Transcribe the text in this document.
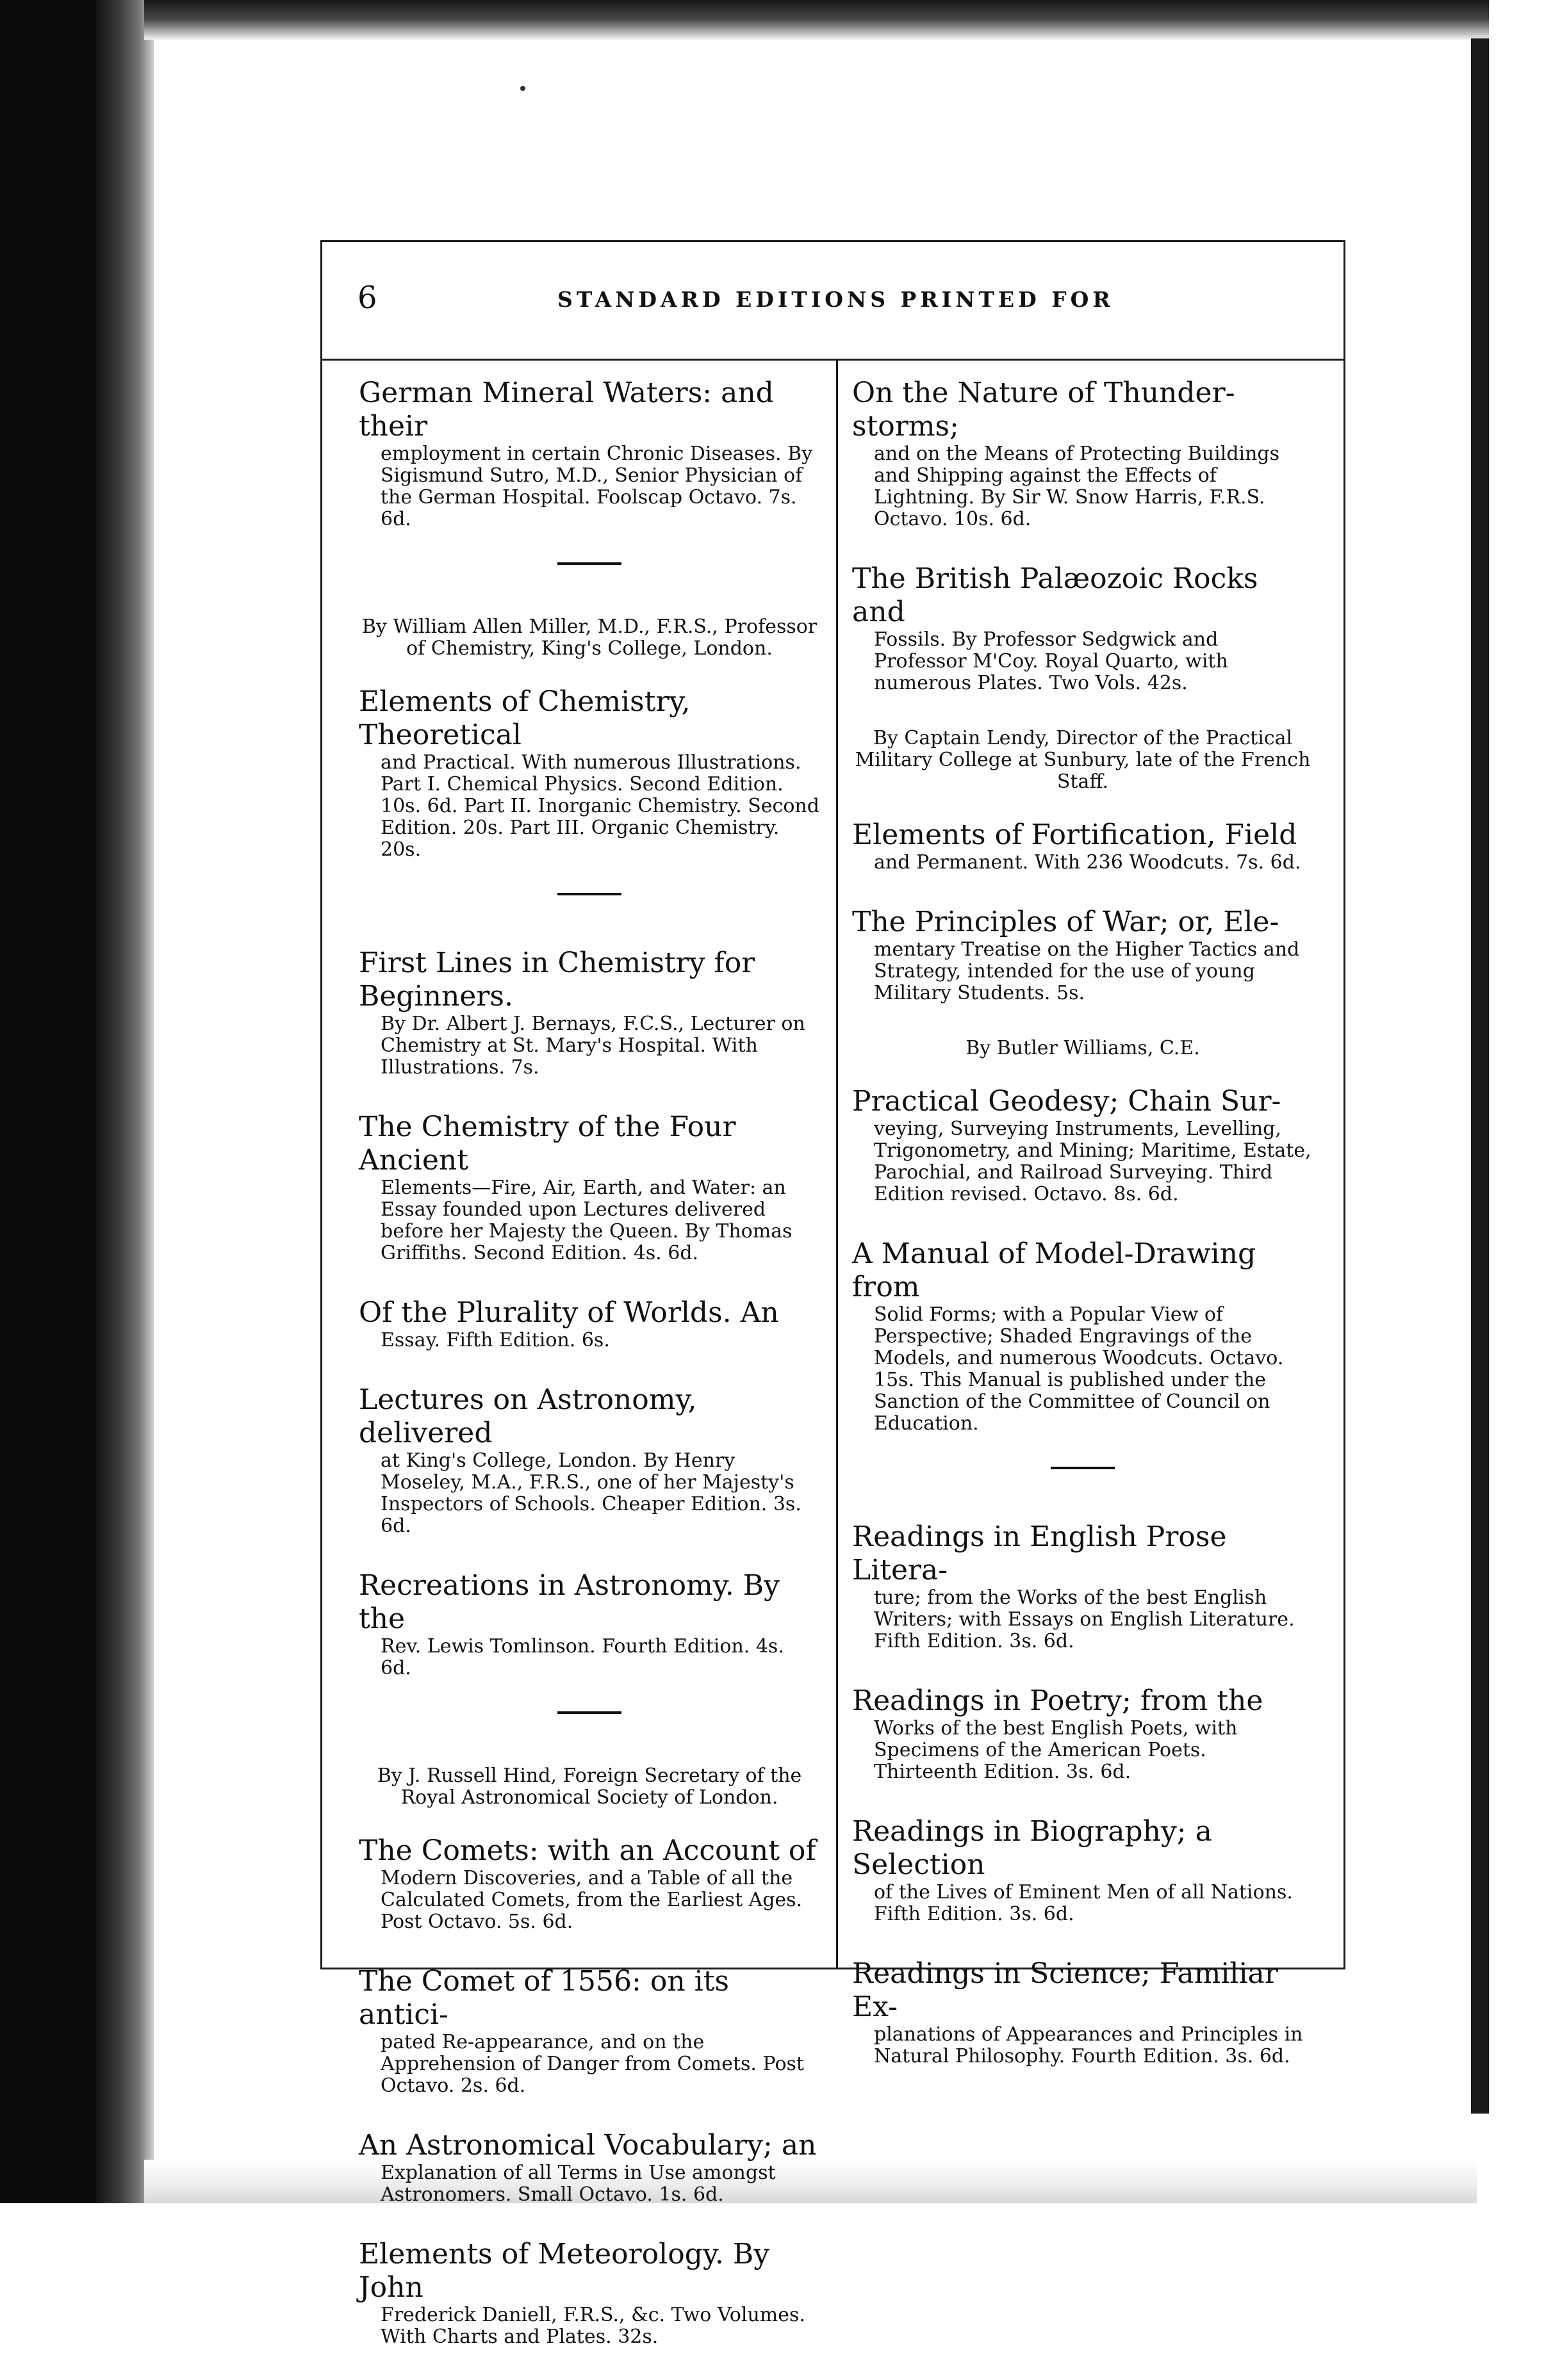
6	STANDARD EDITIONS PRINTED FOR

German Mineral Waters: and their

employment in certain Chronic Diseases. By Sigismund Sutro, M.D., Senior Physician of the German Hospital. Foolscap Octavo. 7s. 6d.

By William Allen Miller, M.D., F.R.S., Professor of Chemistry, King's College, London.

Elements of Chemistry, Theoretical

and Practical. With numerous Illustrations. Part I. Chemical Physics. Second Edition. 10s. 6d. Part II. Inorganic Chemistry. Second Edition. 20s. Part III. Organic Chemistry. 20s.

First Lines in Chemistry for Beginners.

By Dr. Albert J. Bernays, F.C.S., Lecturer on Chemistry at St. Mary's Hospital. With Illustrations. 7s.

The Chemistry of the Four Ancient

Elements—Fire, Air, Earth, and Water: an Essay founded upon Lectures delivered before her Majesty the Queen. By Thomas Griffiths. Second Edition. 4s. 6d.

Of the Plurality of Worlds. An

Essay. Fifth Edition. 6s.

Lectures on Astronomy, delivered

at King's College, London. By Henry Moseley, M.A., F.R.S., one of her Majesty's Inspectors of Schools. Cheaper Edition. 3s. 6d.

Recreations in Astronomy. By the

Rev. Lewis Tomlinson. Fourth Edition. 4s. 6d.

By J. Russell Hind, Foreign Secretary of the Royal Astronomical Society of London.

The Comets: with an Account of

Modern Discoveries, and a Table of all the Calculated Comets, from the Earliest Ages. Post Octavo. 5s. 6d.

The Comet of 1556: on its antici-

pated Re-appearance, and on the Apprehension of Danger from Comets. Post Octavo. 2s. 6d.

An Astronomical Vocabulary; an

Explanation of all Terms in Use amongst Astronomers. Small Octavo. 1s. 6d.

Elements of Meteorology. By John

Frederick Daniell, F.R.S., &c. Two Volumes. With Charts and Plates. 32s.

On the Nature of Thunder-storms;

and on the Means of Protecting Buildings and Shipping against the Effects of Lightning. By Sir W. Snow Harris, F.R.S. Octavo. 10s. 6d.

The British Palæozoic Rocks and

Fossils. By Professor Sedgwick and Professor M'Coy. Royal Quarto, with numerous Plates. Two Vols. 42s.

By Captain Lendy, Director of the Practical Military College at Sunbury, late of the French Staff.

Elements of Fortification, Field

and Permanent. With 236 Woodcuts. 7s. 6d.

The Principles of War; or, Ele-

mentary Treatise on the Higher Tactics and Strategy, intended for the use of young Military Students. 5s.

By Butler Williams, C.E.

Practical Geodesy; Chain Sur-

veying, Surveying Instruments, Levelling, Trigonometry, and Mining; Maritime, Estate, Parochial, and Railroad Surveying. Third Edition revised. Octavo. 8s. 6d.

A Manual of Model-Drawing from

Solid Forms; with a Popular View of Perspective; Shaded Engravings of the Models, and numerous Woodcuts. Octavo. 15s. This Manual is published under the Sanction of the Committee of Council on Education.

Readings in English Prose Litera-

ture; from the Works of the best English Writers; with Essays on English Literature. Fifth Edition. 3s. 6d.

Readings in Poetry; from the

Works of the best English Poets, with Specimens of the American Poets. Thirteenth Edition. 3s. 6d.

Readings in Biography; a Selection

of the Lives of Eminent Men of all Nations. Fifth Edition. 3s. 6d.

Readings in Science; Familiar Ex-

planations of Appearances and Principles in Natural Philosophy. Fourth Edition. 3s. 6d.
